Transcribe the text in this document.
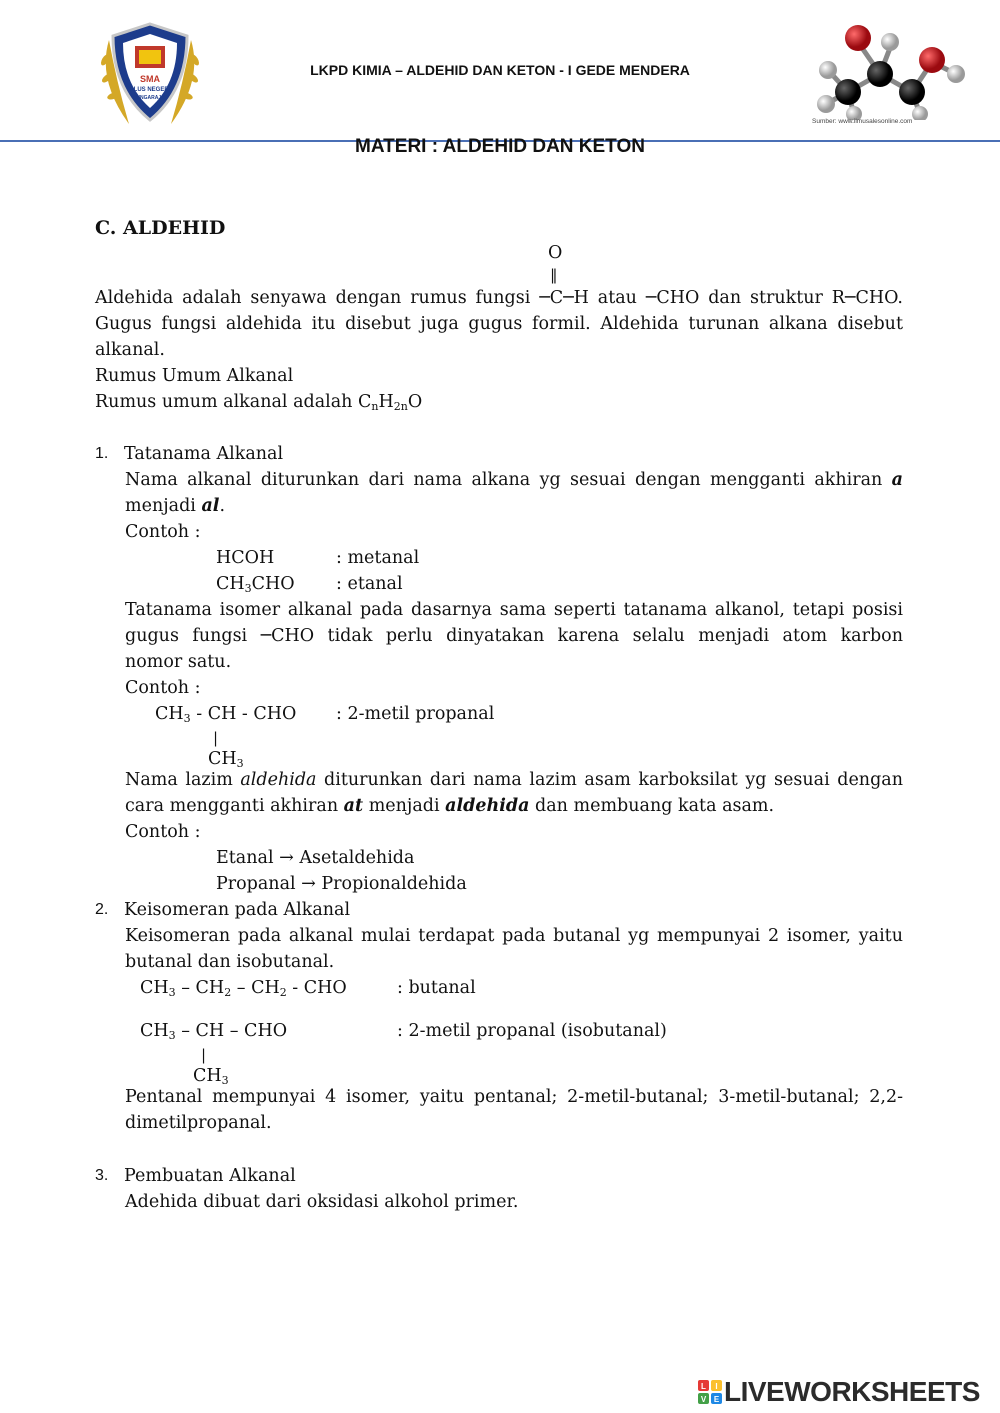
SMA
PLUS NEGERI
SINGARAJA
LKPD KIMIA – ALDEHID DAN KETON - I GEDE MENDERA
Sumber: www.ilmusalesonline.com
MATERI : ALDEHID DAN KETON
C. ALDEHID
O
‖
Aldehida adalah senyawa dengan rumus fungsi ─C─H atau ─CHO dan struktur R─CHO.
Gugus fungsi aldehida itu disebut juga gugus formil. Aldehida turunan alkana disebut
alkanal.
Rumus Umum Alkanal
Rumus umum alkanal adalah $C_nH_{2n}O$
1. Tatanama Alkanal
Nama alkanal diturunkan dari nama alkana yg sesuai dengan mengganti akhiran a
menjadi al.
Contoh :
HCOH	: metanal
$CH_3CHO$ : etanal
Tatanama isomer alkanal pada dasarnya sama seperti tatanama alkanol, tetapi posisi
gugus fungsi ─CHO tidak perlu dinyatakan karena selalu menjadi atom karbon
nomor satu.
Contoh :
$CH_3$ - CH - CHO : 2-metil propanal
|
$CH_3$
Nama lazim aldehida diturunkan dari nama lazim asam karboksilat yg sesuai dengan
cara mengganti akhiran at menjadi aldehida dan membuang kata asam.
Contoh :
Etanal → Asetaldehida
Propanal → Propionaldehida
2. Keisomeran pada Alkanal
Keisomeran pada alkanal mulai terdapat pada butanal yg mempunyai 2 isomer, yaitu
butanal dan isobutanal.
$CH_3 - CH_2 - CH_2$ - CHO	: butanal
$CH_3$ – CH – CHO	: 2-metil propanal (isobutanal)
|
$CH_3$
Pentanal mempunyai 4 isomer, yaitu pentanal; 2-metil-butanal; 3-metil-butanal; 2,2-
dimetilpropanal.
3. Pembuatan Alkanal
Adehida dibuat dari oksidasi alkohol primer.
L I
V E LIVEWORKSHEETS
